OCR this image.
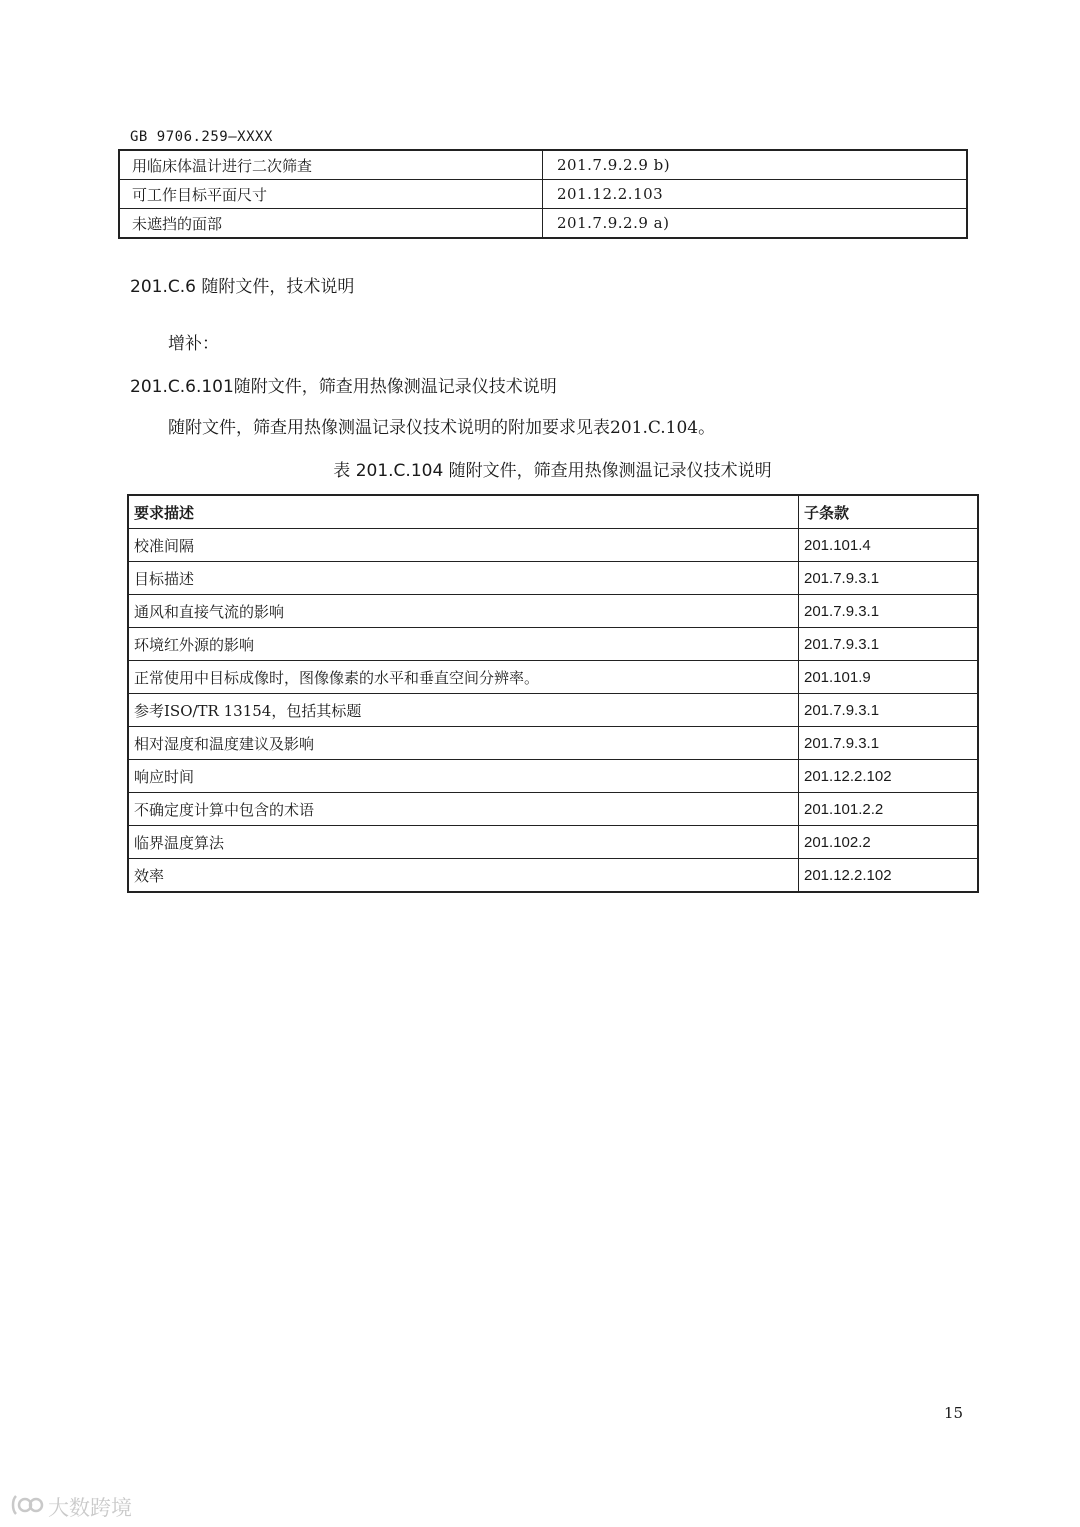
GB 9706.259—XXXX
用临床体温计进行二次筛查	201.7.9.2.9 b)
可工作目标平面尺寸	201.12.2.103
未遮挡的面部	201.7.9.2.9 a)
201.C.6 随附文件，技术说明
增补：
201.C.6.101随附文件，筛查用热像测温记录仪技术说明
随附文件，筛查用热像测温记录仪技术说明的附加要求见表201.C.104。
表 201.C.104 随附文件，筛查用热像测温记录仪技术说明
要求描述	子条款
校准间隔	201.101.4
目标描述	201.7.9.3.1
通风和直接气流的影响	201.7.9.3.1
环境红外源的影响	201.7.9.3.1
正常使用中目标成像时，图像像素的水平和垂直空间分辨率。	201.101.9
参考ISO/TR 13154，包括其标题	201.7.9.3.1
相对湿度和温度建议及影响	201.7.9.3.1
响应时间	201.12.2.102
不确定度计算中包含的术语	201.101.2.2
临界温度算法	201.102.2
效率	201.12.2.102
15
大数跨境
